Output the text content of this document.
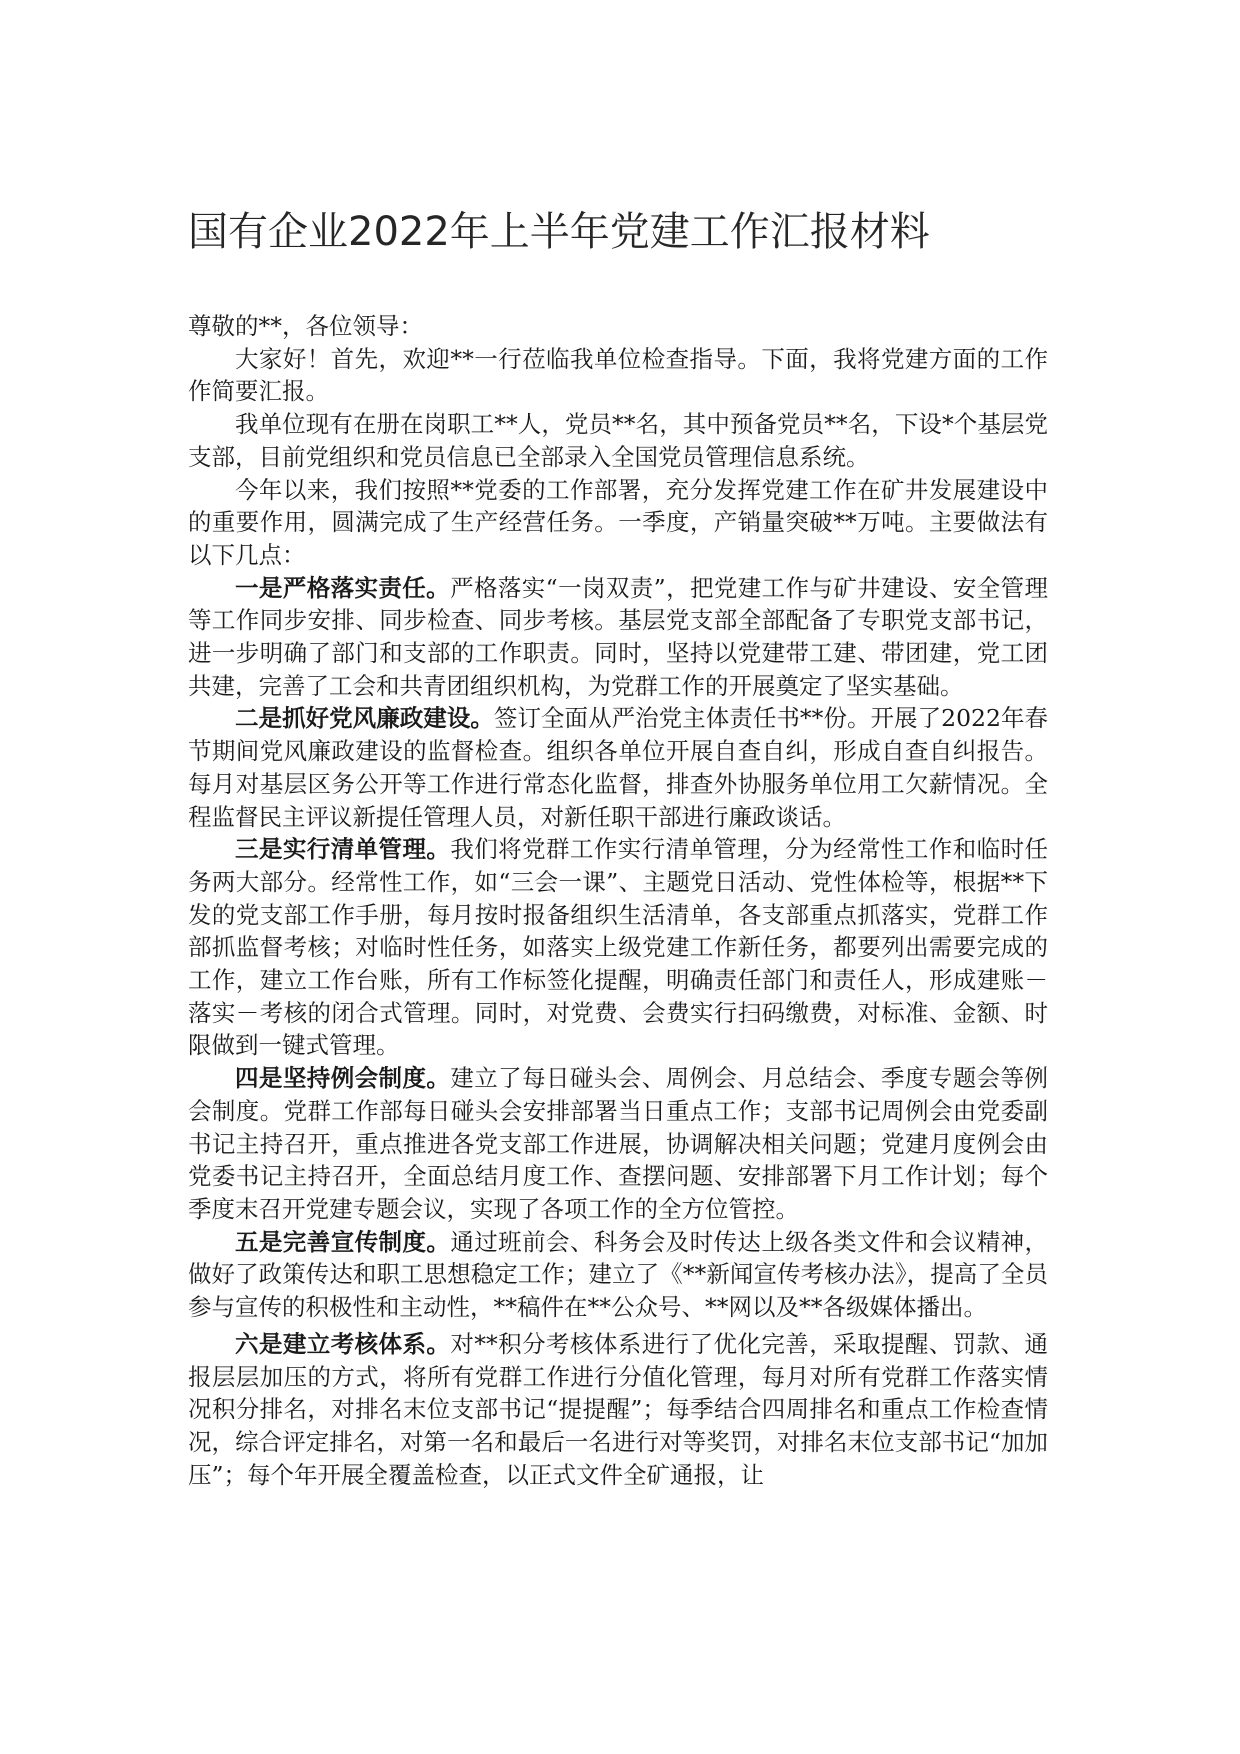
国有企业2022年上半年党建工作汇报材料

尊敬的**，各位领导：

大家好！首先，欢迎**一行莅临我单位检查指导。下面，我将党建方面的工作作简要汇报。

我单位现有在册在岗职工**人，党员**名，其中预备党员**名，下设*个基层党支部，目前党组织和党员信息已全部录入全国党员管理信息系统。

今年以来，我们按照**党委的工作部署，充分发挥党建工作在矿井发展建设中的重要作用，圆满完成了生产经营任务。一季度，产销量突破**万吨。主要做法有以下几点：

一是严格落实责任。严格落实“一岗双责”，把党建工作与矿井建设、安全管理等工作同步安排、同步检查、同步考核。基层党支部全部配备了专职党支部书记，进一步明确了部门和支部的工作职责。同时，坚持以党建带工建、带团建，党工团共建，完善了工会和共青团组织机构，为党群工作的开展奠定了坚实基础。

二是抓好党风廉政建设。签订全面从严治党主体责任书**份。开展了2022年春节期间党风廉政建设的监督检查。组织各单位开展自查自纠，形成自查自纠报告。每月对基层区务公开等工作进行常态化监督，排查外协服务单位用工欠薪情况。全程监督民主评议新提任管理人员，对新任职干部进行廉政谈话。

三是实行清单管理。我们将党群工作实行清单管理，分为经常性工作和临时任务两大部分。经常性工作，如“三会一课”、主题党日活动、党性体检等，根据**下发的党支部工作手册，每月按时报备组织生活清单，各支部重点抓落实，党群工作部抓监督考核；对临时性任务，如落实上级党建工作新任务，都要列出需要完成的工作，建立工作台账，所有工作标签化提醒，明确责任部门和责任人，形成建账－落实－考核的闭合式管理。同时，对党费、会费实行扫码缴费，对标准、金额、时限做到一键式管理。

四是坚持例会制度。建立了每日碰头会、周例会、月总结会、季度专题会等例会制度。党群工作部每日碰头会安排部署当日重点工作；支部书记周例会由党委副书记主持召开，重点推进各党支部工作进展，协调解决相关问题；党建月度例会由党委书记主持召开，全面总结月度工作、查摆问题、安排部署下月工作计划；每个季度末召开党建专题会议，实现了各项工作的全方位管控。

五是完善宣传制度。通过班前会、科务会及时传达上级各类文件和会议精神，做好了政策传达和职工思想稳定工作；建立了《**新闻宣传考核办法》，提高了全员参与宣传的积极性和主动性，**稿件在**公众号、**网以及**各级媒体播出。

六是建立考核体系。对**积分考核体系进行了优化完善，采取提醒、罚款、通报层层加压的方式，将所有党群工作进行分值化管理，每月对所有党群工作落实情况积分排名，对排名末位支部书记“提提醒”；每季结合四周排名和重点工作检查情况，综合评定排名，对第一名和最后一名进行对等奖罚，对排名末位支部书记“加加压”；每个年开展全覆盖检查，以正式文件全矿通报，让
